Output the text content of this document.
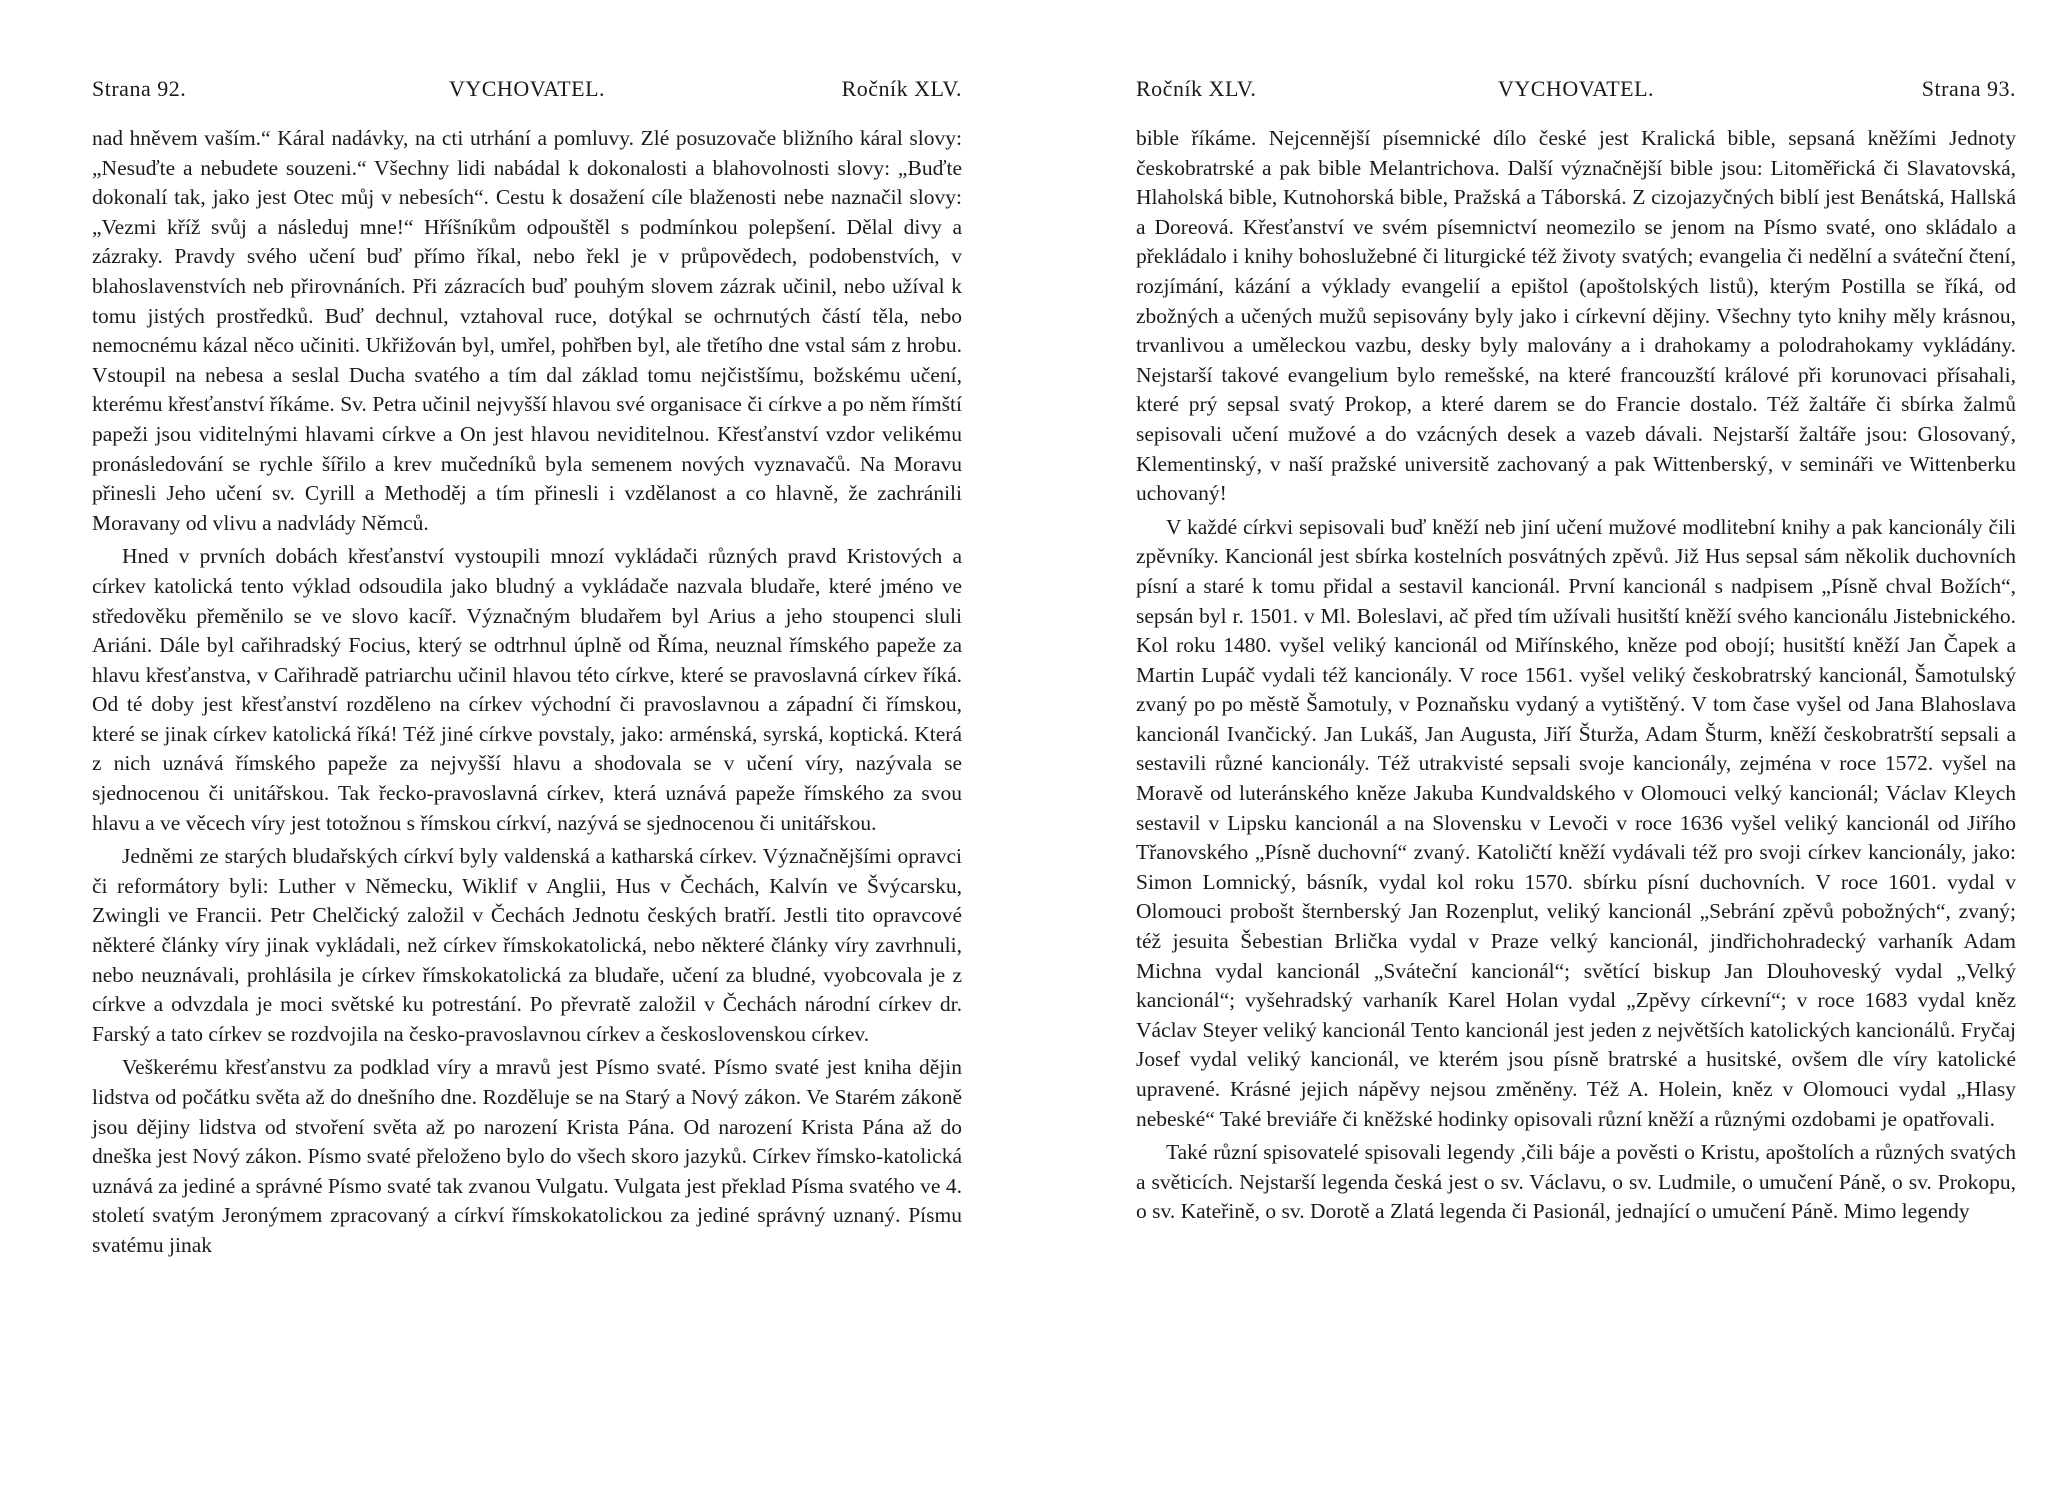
Strana 92.	VYCHOVATEL.	Ročník XLV.

nad hněvem vaším.“ Káral nadávky, na cti utrhání a pomluvy. Zlé posuzovače bližního káral slovy: „Nesuďte a nebudete souzeni.“ Všechny lidi nabádal k dokonalosti a blahovolnosti slovy: „Buďte dokonalí tak, jako jest Otec můj v nebesích“. Cestu k dosažení cíle blaženosti nebe naznačil slovy: „Vezmi kříž svůj a následuj mne!“ Hříšníkům odpouštěl s podmínkou polepšení. Dělal divy a zázraky. Pravdy svého učení buď přímo říkal, nebo řekl je v průpovědech, podobenstvích, v blahoslavenstvích neb přirovnáních. Při zázracích buď pouhým slovem zázrak učinil, nebo užíval k tomu jistých prostředků. Buď dechnul, vztahoval ruce, dotýkal se ochrnutých částí těla, nebo nemocnému kázal něco učiniti. Ukřižován byl, umřel, pohřben byl, ale třetího dne vstal sám z hrobu. Vstoupil na nebesa a seslal Ducha svatého a tím dal základ tomu nejčistšímu, božskému učení, kterému křesťanství říkáme. Sv. Petra učinil nejvyšší hlavou své organisace či církve a po něm římští papeži jsou viditelnými hlavami církve a On jest hlavou neviditelnou. Křesťanství vzdor velikému pronásledování se rychle šířilo a krev mučedníků byla semenem nových vyznavačů. Na Moravu přinesli Jeho učení sv. Cyrill a Methoděj a tím přinesli i vzdělanost a co hlavně, že zachránili Moravany od vlivu a nadvlády Němců.

Hned v prvních dobách křesťanství vystoupili mnozí vykládači různých pravd Kristových a církev katolická tento výklad odsoudila jako bludný a vykládače nazvala bludaře, které jméno ve středověku přeměnilo se ve slovo kacíř. Význačným bludařem byl Arius a jeho stoupenci sluli Ariáni. Dále byl cařihradský Focius, který se odtrhnul úplně od Říma, neuznal římského papeže za hlavu křesťanstva, v Cařihradě patriarchu učinil hlavou této církve, které se pravoslavná církev říká. Od té doby jest křesťanství rozděleno na církev východní či pravoslavnou a západní či římskou, které se jinak církev katolická říká! Též jiné církve povstaly, jako: arménská, syrská, koptická. Která z nich uznává římského papeže za nejvyšší hlavu a shodovala se v učení víry, nazývala se sjednocenou či unitářskou. Tak řecko-pravoslavná církev, která uznává papeže římského za svou hlavu a ve věcech víry jest totožnou s římskou církví, nazývá se sjednocenou či unitářskou.

Jedněmi ze starých bludařských církví byly valdenská a katharská církev. Význačnějšími opravci či reformátory byli: Luther v Německu, Wiklif v Anglii, Hus v Čechách, Kalvín ve Švýcarsku, Zwingli ve Francii. Petr Chelčický založil v Čechách Jednotu českých bratří. Jestli tito opravcové některé články víry jinak vykládali, než církev římskokatolická, nebo některé články víry zavrhnuli, nebo neuznávali, prohlásila je církev římskokatolická za bludaře, učení za bludné, vyobcovala je z církve a odvzdala je moci světské ku potrestání. Po převratě založil v Čechách národní církev dr. Farský a tato církev se rozdvojila na česko-pravoslavnou církev a československou církev.

Veškerému křesťanstvu za podklad víry a mravů jest Písmo svaté. Písmo svaté jest kniha dějin lidstva od počátku světa až do dnešního dne. Rozděluje se na Starý a Nový zákon. Ve Starém zákoně jsou dějiny lidstva od stvoření světa až po narození Krista Pána. Od narození Krista Pána až do dneška jest Nový zákon. Písmo svaté přeloženo bylo do všech skoro jazyků. Církev římsko-katolická uznává za jediné a správné Písmo svaté tak zvanou Vulgatu. Vulgata jest překlad Písma svatého ve 4. století svatým Jeronýmem zpracovaný a církví římskokatolickou za jediné správný uznaný. Písmu svatému jinak

Ročník XLV.	VYCHOVATEL.	Strana 93.

bible říkáme. Nejcennější písemnické dílo české jest Kralická bible, sepsaná kněžími Jednoty českobratrské a pak bible Melantrichova. Další význačnější bible jsou: Litoměřická či Slavatovská, Hlaholská bible, Kutnohorská bible, Pražská a Táborská. Z cizojazyčných biblí jest Benátská, Hallská a Doreová. Křesťanství ve svém písemnictví neomezilo se jenom na Písmo svaté, ono skládalo a překládalo i knihy bohoslužebné či liturgické též životy svatých; evangelia či nedělní a sváteční čtení, rozjímání, kázání a výklady evangelií a epištol (apoštolských listů), kterým Postilla se říká, od zbožných a učených mužů sepisovány byly jako i církevní dějiny. Všechny tyto knihy měly krásnou, trvanlivou a uměleckou vazbu, desky byly malovány a i drahokamy a polodrahokamy vykládány. Nejstarší takové evangelium bylo remešské, na které francouzští králové při korunovaci přísahali, které prý sepsal svatý Prokop, a které darem se do Francie dostalo. Též žaltáře či sbírka žalmů sepisovali učení mužové a do vzácných desek a vazeb dávali. Nejstarší žaltáře jsou: Glosovaný, Klementinský, v naší pražské universitě zachovaný a pak Wittenberský, v semináři ve Wittenberku uchovaný!

V každé církvi sepisovali buď kněží neb jiní učení mužové modlitební knihy a pak kancionály čili zpěvníky. Kancionál jest sbírka kostelních posvátných zpěvů. Již Hus sepsal sám několik duchovních písní a staré k tomu přidal a sestavil kancionál. První kancionál s nadpisem „Písně chval Božích“, sepsán byl r. 1501. v Ml. Boleslavi, ač před tím užívali husitští kněží svého kancionálu Jistebnického. Kol roku 1480. vyšel veliký kancionál od Miřínského, kněze pod obojí; husitští kněží Jan Čapek a Martin Lupáč vydali též kancionály. V roce 1561. vyšel veliký českobratrský kancionál, Šamotulský zvaný po po městě Šamotuly, v Poznaňsku vydaný a vytištěný. V tom čase vyšel od Jana Blahoslava kancionál Ivančický. Jan Lukáš, Jan Augusta, Jiří Šturža, Adam Šturm, kněží českobratrští sepsali a sestavili různé kancionály. Též utrakvisté sepsali svoje kancionály, zejména v roce 1572. vyšel na Moravě od luteránského kněze Jakuba Kundvaldského v Olomouci velký kancionál; Václav Kleych sestavil v Lipsku kancionál a na Slovensku v Levoči v roce 1636 vyšel veliký kancionál od Jiřího Třanovského „Písně duchovní“ zvaný. Katoličtí kněží vydávali též pro svoji církev kancionály, jako: Simon Lomnický, básník, vydal kol roku 1570. sbírku písní duchovních. V roce 1601. vydal v Olomouci probošt šternberský Jan Rozenplut, veliký kancionál „Sebrání zpěvů pobožných“, zvaný; též jesuita Šebestian Brlička vydal v Praze velký kancionál, jindřichohradecký varhaník Adam Michna vydal kancionál „Sváteční kancionál“; světící biskup Jan Dlouhoveský vydal „Velký kancionál“; vyšehradský varhaník Karel Holan vydal „Zpěvy církevní“; v roce 1683 vydal kněz Václav Steyer veliký kancionál Tento kancionál jest jeden z největších katolických kancionálů. Fryčaj Josef vydal veliký kancionál, ve kterém jsou písně bratrské a husitské, ovšem dle víry katolické upravené. Krásné jejich nápěvy nejsou změněny. Též A. Holein, kněz v Olomouci vydal „Hlasy nebeské“ Také breviáře či kněžské hodinky opisovali různí kněží a různými ozdobami je opatřovali.

Také různí spisovatelé spisovali legendy ,čili báje a pověsti o Kristu, apoštolích a různých svatých a světicích. Nejstarší legenda česká jest o sv. Václavu, o sv. Ludmile, o umučení Páně, o sv. Prokopu, o sv. Kateřině, o sv. Dorotě a Zlatá legenda či Pasionál, jednající o umučení Páně. Mimo legendy
